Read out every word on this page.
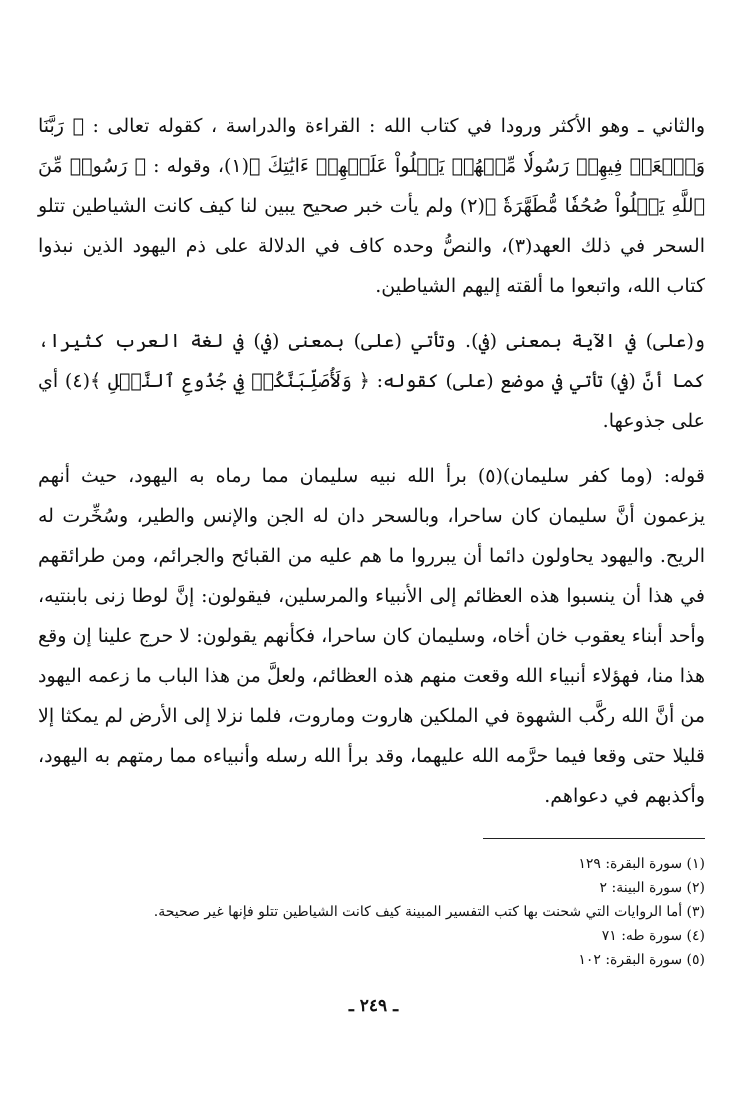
والثاني ـ وهو الأكثر ورودا في كتاب الله : القراءة والدراسة ، كقوله تعالى : ﴿ رَبَّنَا وَٱبۡعَثۡ فِيهِمۡ رَسُولٗا مِّنۡهُمۡ يَتۡلُواْ عَلَيۡهِمۡ ءَايَٰتِكَ ﴾(١)، وقوله : ﴿ رَسُولٞ مِّنَ ٱللَّهِ يَتۡلُواْ صُحُفٗا مُّطَهَّرَةٗ ﴾(٢) ولم يأت خبر صحيح يبين لنا كيف كانت الشياطين تتلو السحر في ذلك العهد(٣)، والنصُّ وحده كاف في الدلالة على ذم اليهود الذين نبذوا كتاب الله، واتبعوا ما ألقته إليهم الشياطين.

و(على) في الآية بمعنى (في). وتأتي (على) بمعنى (في) في لغة العرب كثيرا، كما أنَّ (في) تأتي في موضع (على) كقوله: ﴿ وَلَأُصَلِّبَنَّكُمۡ فِي جُذُوعِ ٱلنَّخۡلِ ﴾(٤) أي على جذوعها.

قوله: (وما كفر سليمان)(٥) برأ الله نبيه سليمان مما رماه به اليهود، حيث أنهم يزعمون أنَّ سليمان كان ساحرا، وبالسحر دان له الجن والإنس والطير، وسُخِّرت له الريح. واليهود يحاولون دائما أن يبرروا ما هم عليه من القبائح والجرائم، ومن طرائقهم في هذا أن ينسبوا هذه العظائم إلى الأنبياء والمرسلين، فيقولون: إنَّ لوطا زنى بابنتيه، وأحد أبناء يعقوب خان أخاه، وسليمان كان ساحرا، فكأنهم يقولون: لا حرج علينا إن وقع هذا منا، فهؤلاء أنبياء الله وقعت منهم هذه العظائم، ولعلَّ من هذا الباب ما زعمه اليهود من أنَّ الله ركَّب الشهوة في الملكين هاروت وماروت، فلما نزلا إلى الأرض لم يمكثا إلا قليلا حتى وقعا فيما حرَّمه الله عليهما، وقد برأ الله رسله وأنبياءه مما رمتهم به اليهود، وأكذبهم في دعواهم.

(١) سورة البقرة: ١٢٩
(٢) سورة البينة: ٢
(٣) أما الروايات التي شحنت بها كتب التفسير المبينة كيف كانت الشياطين تتلو فإنها غير صحيحة.
(٤) سورة طه: ٧١
(٥) سورة البقرة: ١٠٢
ـ ٢٤٩ ـ
